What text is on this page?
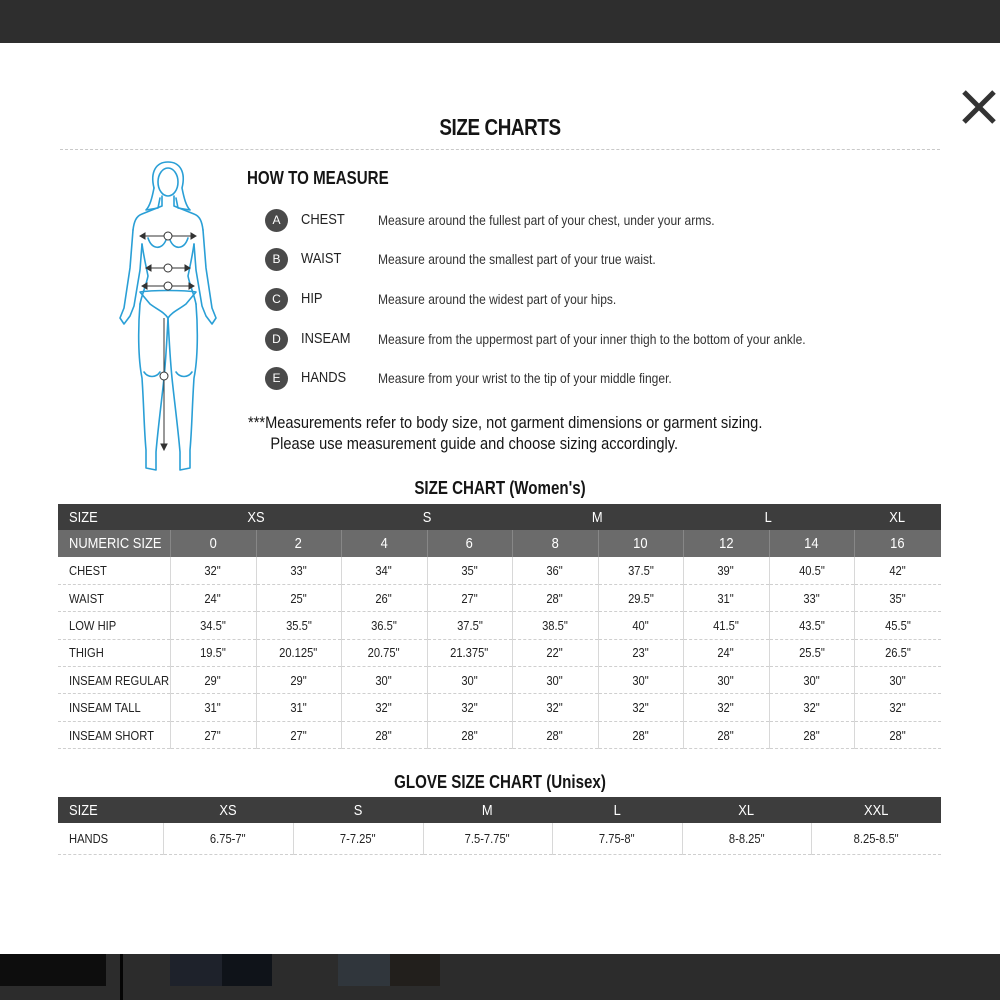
SIZE CHARTS
HOW TO MEASURE
A	CHEST Measure around the fullest part of your chest, under your arms.
B	WAIST	Measure around the smallest part of your true waist.
C	HIP	Measure around the widest part of your hips.
D	INSEAM Measure from the uppermost part of your inner thigh to the bottom of your ankle.
E	HANDS Measure from your wrist to the tip of your middle finger.
***Measurements refer to body size, not garment dimensions or garment sizing.
Please use measurement guide and choose sizing accordingly.
SIZE CHART (Women's)
SIZE	XS		S		M		L		XL
NUMERIC SIZE	0	2	4	6	8	10	12	14	16
CHEST	32"	33"	34"	35"	36"	37.5"	39"	40.5"	42"
WAIST	24"	25"	26"	27"	28"	29.5"	31"	33"	35"
LOW HIP	34.5"	35.5"	36.5"	37.5"	38.5"	40"	41.5"	43.5"	45.5"
THIGH	19.5"	20.125"	20.75"	21.375"	22"	23"	24"	25.5"	26.5"
INSEAM REGULAR	29"	29"	30"	30"	30"	30"	30"	30"	30"
INSEAM TALL	31"	31"	32"	32"	32"	32"	32"	32"	32"
INSEAM SHORT	27"	27"	28"	28"	28"	28"	28"	28"	28"
GLOVE SIZE CHART (Unisex)
SIZE	XS	S	M	L	XL	XXL
HANDS	6.75-7"	7-7.25"	7.5-7.75"	7.75-8"	8-8.25"	8.25-8.5"
